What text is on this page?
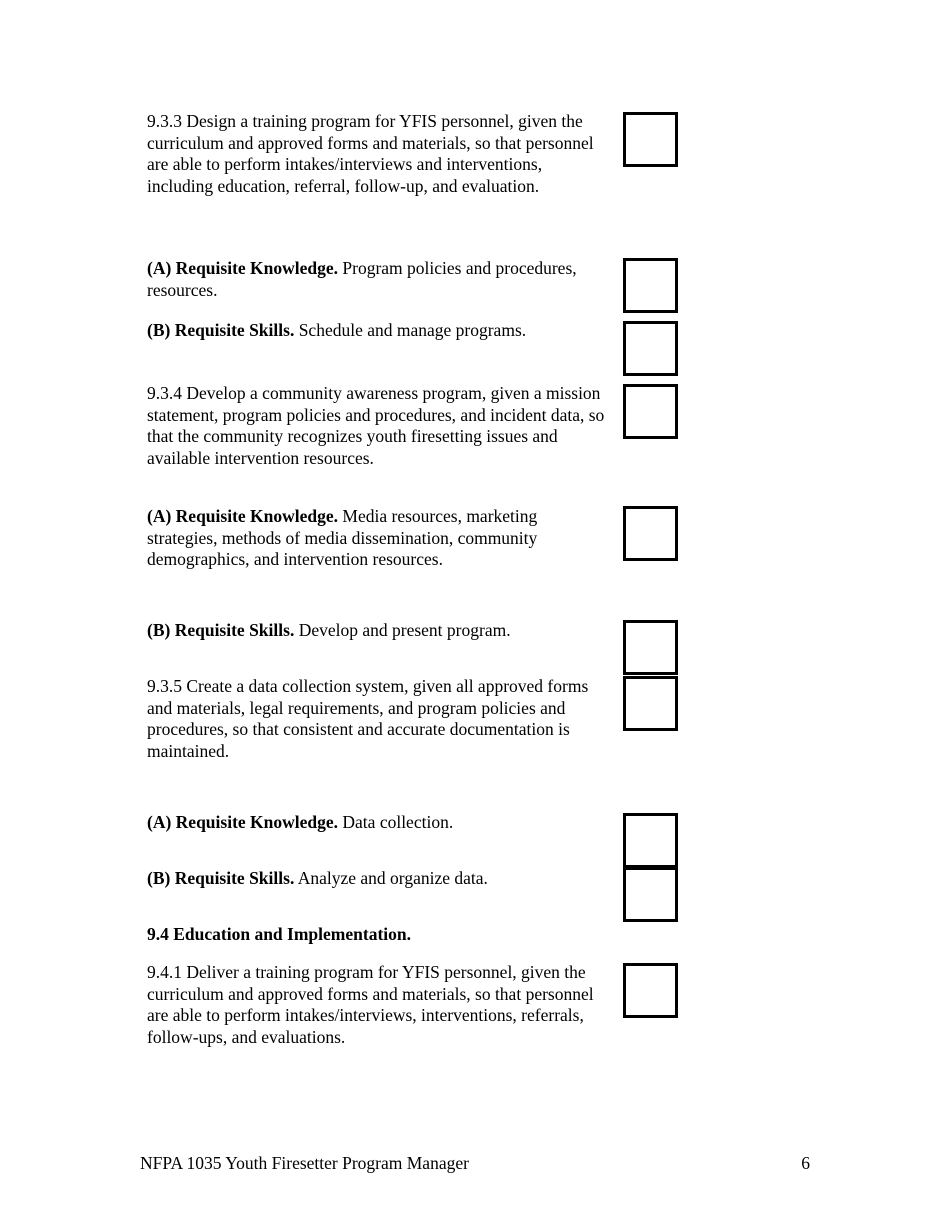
9.3.3 Design a training program for YFIS personnel, given the curriculum and approved forms and materials, so that personnel are able to perform intakes/interviews and interventions, including education, referral, follow-up, and evaluation.

(A) Requisite Knowledge. Program policies and procedures, resources.

(B) Requisite Skills. Schedule and manage programs.

9.3.4 Develop a community awareness program, given a mission statement, program policies and procedures, and incident data, so that the community recognizes youth firesetting issues and available intervention resources.

(A) Requisite Knowledge. Media resources, marketing strategies, methods of media dissemination, community demographics, and intervention resources.

(B) Requisite Skills. Develop and present program.

9.3.5 Create a data collection system, given all approved forms and materials, legal requirements, and program policies and procedures, so that consistent and accurate documentation is maintained.

(A) Requisite Knowledge. Data collection.

(B) Requisite Skills. Analyze and organize data.

9.4 Education and Implementation.

9.4.1 Deliver a training program for YFIS personnel, given the curriculum and approved forms and materials, so that personnel are able to perform intakes/interviews, interventions, referrals, follow-ups, and evaluations.

NFPA 1035 Youth Firesetter Program Manager	6
